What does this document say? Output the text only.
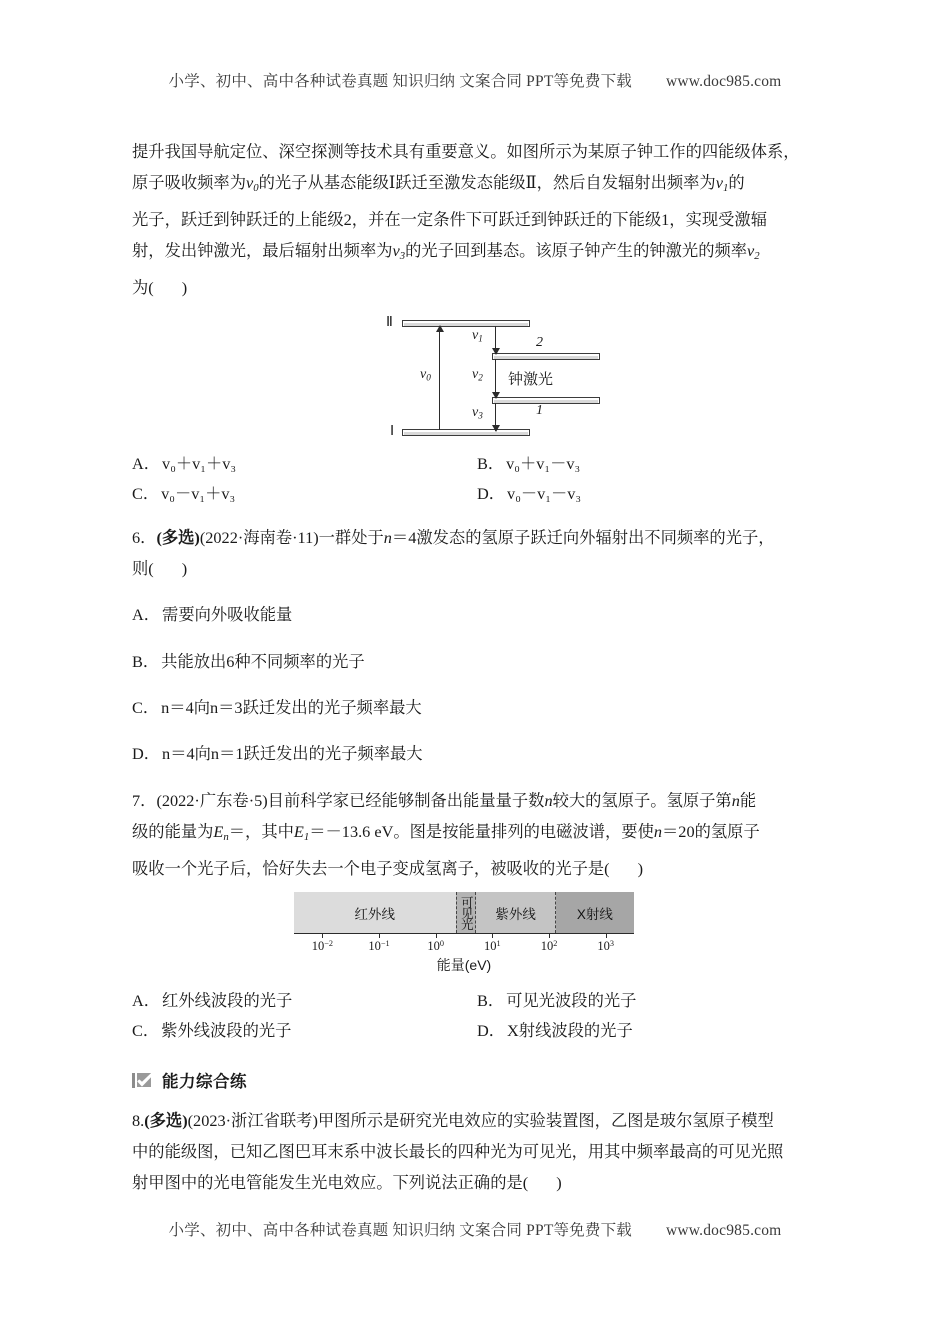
小学、初中、高中各种试卷真题 知识归纳 文案合同 PPT等免费下载 www.doc985.com

提升我国导航定位、深空探测等技术具有重要意义。如图所示为某原子钟工作的四能级体系，

原子吸收频率为$v_0$的光子从基态能级Ⅰ跃迁至激发态能级Ⅱ，然后自发辐射出频率为$v_1$的

光子，跃迁到钟跃迁的上能级2，并在一定条件下可跃迁到钟跃迁的下能级1，实现受激辐

射，发出钟激光，最后辐射出频率为$v_3$的光子回到基态。该原子钟产生的钟激光的频率$v_2$

为( )

Ⅱ
Ⅰ
2
1
$v_0$
$v_1$
$v_2$
$v_3$
钟激光
A． v₀＋v₁＋v₃	B． v₀＋v₁－v₃
C． v₀－v₁＋v₃	D． v₀－v₁－v₃

6．(多选)(2022·海南卷·11)一群处于n＝4激发态的氢原子跃迁向外辐射出不同频率的光子，

则( )

A． 需要向外吸收能量

B． 共能放出6种不同频率的光子

C． n＝4向n＝3跃迁发出的光子频率最大

D． n＝4向n＝1跃迁发出的光子频率最大

7．(2022·广东卷·5)目前科学家已经能够制备出能量量子数n较大的氢原子。氢原子第n能

级的能量为$E_n=$，其中$E_1=-13.6$ eV。图是按能量排列的电磁波谱，要使n＝20的氢原子

吸收一个光子后，恰好失去一个电子变成氢离子，被吸收的光子是( )

红外线	可见光 紫外线	X射线
$10^{-2}$	$10^{-1}$	$10^0$	$10^1$	$10^2$	$10^3$
能量(eV)
A． 红外线波段的光子	B． 可见光波段的光子
C． 紫外线波段的光子	D． X射线波段的光子
能力综合练

8.(多选)(2023·浙江省联考)甲图所示是研究光电效应的实验装置图，乙图是玻尔氢原子模型

中的能级图，已知乙图巴耳末系中波长最长的四种光为可见光，用其中频率最高的可见光照

射甲图中的光电管能发生光电效应。下列说法正确的是( )

小学、初中、高中各种试卷真题 知识归纳 文案合同 PPT等免费下载 www.doc985.com
